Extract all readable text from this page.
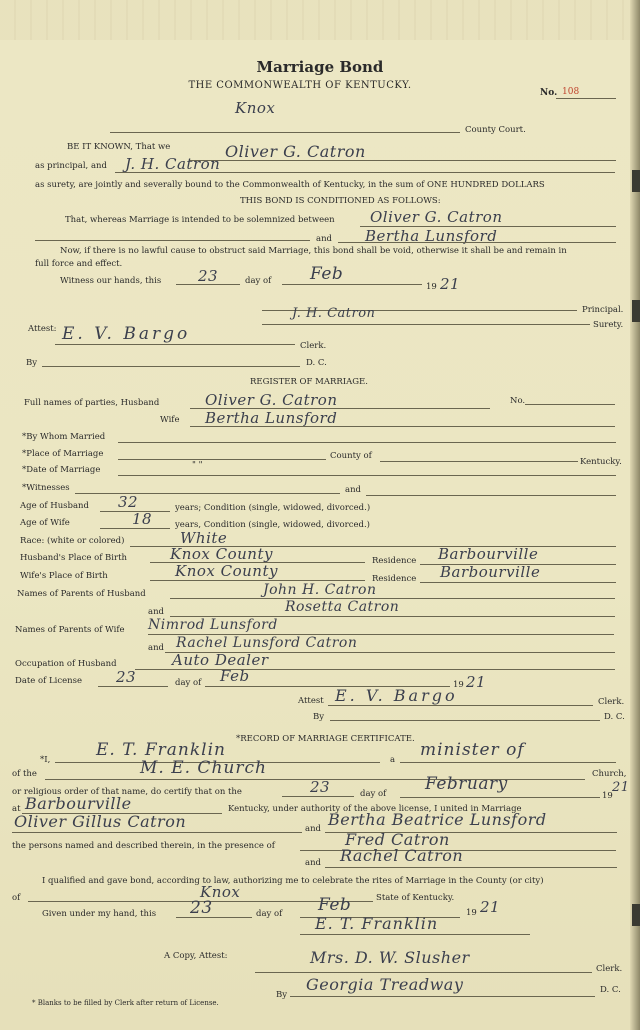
Marriage Bond
THE COMMONWEALTH OF KENTUCKY.
No. 108
Knox
County Court.
BE IT KNOWN, That we	Oliver G. Catron
as principal, and J. H. Catron
as surety, are jointly and severally bound to the Commonwealth of Kentucky, in the sum of ONE HUNDRED DOLLARS
THIS BOND IS CONDITIONED AS FOLLOWS:
That, whereas Marriage is intended to be solemnized between Oliver G. Catron
and Bertha Lunsford
Now, if there is no lawful cause to obstruct said Marriage, this bond shall be void, otherwise it shall be and remain in
full force and effect.
Witness our hands, this 23	day of Feb
19 21
Principal.
J. H. Catron
Surety.
Attest: E. V. Bargo
Clerk.
By	D. C.
REGISTER OF MARRIAGE.
Full names of parties, Husband	Oliver G. Catron	No.
Wife Bertha Lunsford
*By Whom Married
*Place of Marriage	County of
Kentucky.
*Date of Marriage	" "
*Witnesses	and
Age of Husband 32	years; Condition (single, widowed, divorced.)
Age of Wife	18	years, Condition (single, widowed, divorced.)
Race: (white or colored)	White
Husband's Place of Birth	Knox County	Residence Barbourville
Wife's Place of Birth	Knox County	Residence Barbourville
Names of Parents of Husband	John H. Catron
and	Rosetta Catron
Names of Parents of Wife Nimrod Lunsford
and Rachel Lunsford Catron
Occupation of Husband	Auto Dealer
Date of License 23	day of Feb	19 21
Attest E. V. Bargo	Clerk.
By	D. C.
*RECORD OF MARRIAGE CERTIFICATE.
*I,	E. T. Franklin	a minister of
of the	M. E. Church	Church,
or religious order of that name, do certify that on the	23	day of February
19
21
at Barbourville	Kentucky, under authority of the above license, I united in Marriage
Oliver Gillus Catron	and Bertha Beatrice Lunsford
the persons named and described therein, in the presence of	Fred Catron
and Rachel Catron
I qualified and gave bond, according to law, authorizing me to celebrate the rites of Marriage in the County (or city)
of	Knox	State of Kentucky.
Given under my hand, this 23	day of Feb	19 21
E. T. Franklin
A Copy, Attest:	Mrs. D. W. Slusher
Clerk.
By
Georgia Treadway	D. C.
* Blanks to be filled by Clerk after return of License.
